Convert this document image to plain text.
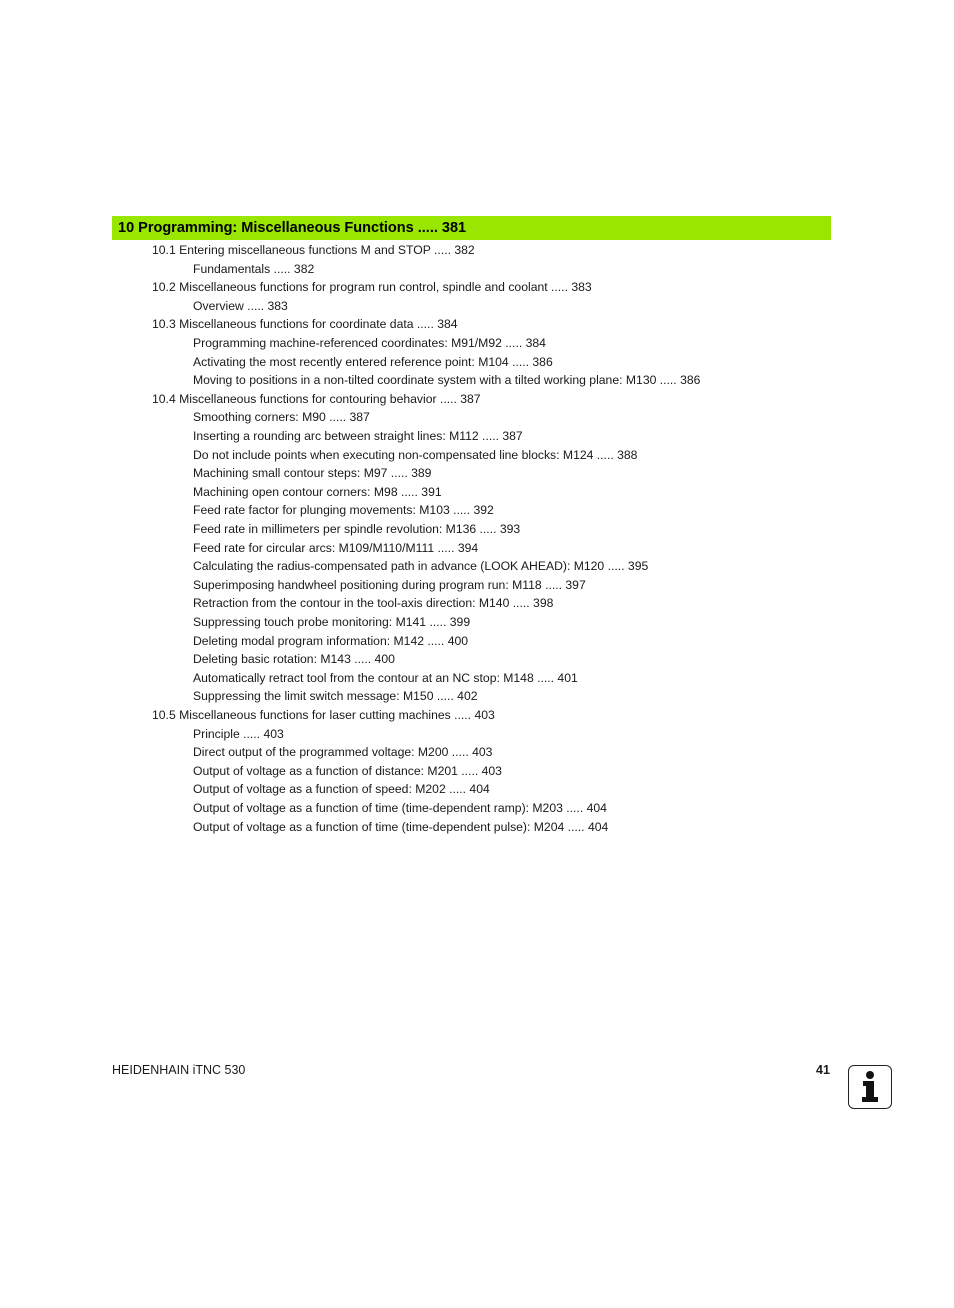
10 Programming: Miscellaneous Functions ..... 381
10.1 Entering miscellaneous functions M and STOP ..... 382
Fundamentals ..... 382
10.2 Miscellaneous functions for program run control, spindle and coolant ..... 383
Overview ..... 383
10.3 Miscellaneous functions for coordinate data ..... 384
Programming machine-referenced coordinates: M91/M92 ..... 384
Activating the most recently entered reference point: M104 ..... 386
Moving to positions in a non-tilted coordinate system with a tilted working plane: M130 ..... 386
10.4 Miscellaneous functions for contouring behavior ..... 387
Smoothing corners: M90 ..... 387
Inserting a rounding arc between straight lines: M112 ..... 387
Do not include points when executing non-compensated line blocks: M124 ..... 388
Machining small contour steps: M97 ..... 389
Machining open contour corners: M98 ..... 391
Feed rate factor for plunging movements: M103 ..... 392
Feed rate in millimeters per spindle revolution: M136 ..... 393
Feed rate for circular arcs: M109/M110/M111 ..... 394
Calculating the radius-compensated path in advance (LOOK AHEAD): M120 ..... 395
Superimposing handwheel positioning during program run: M118 ..... 397
Retraction from the contour in the tool-axis direction: M140 ..... 398
Suppressing touch probe monitoring: M141 ..... 399
Deleting modal program information: M142 ..... 400
Deleting basic rotation: M143 ..... 400
Automatically retract tool from the contour at an NC stop: M148 ..... 401
Suppressing the limit switch message: M150 ..... 402
10.5 Miscellaneous functions for laser cutting machines ..... 403
Principle ..... 403
Direct output of the programmed voltage: M200 ..... 403
Output of voltage as a function of distance: M201 ..... 403
Output of voltage as a function of speed: M202 ..... 404
Output of voltage as a function of time (time-dependent ramp): M203 ..... 404
Output of voltage as a function of time (time-dependent pulse): M204 ..... 404
HEIDENHAIN iTNC 530	41
